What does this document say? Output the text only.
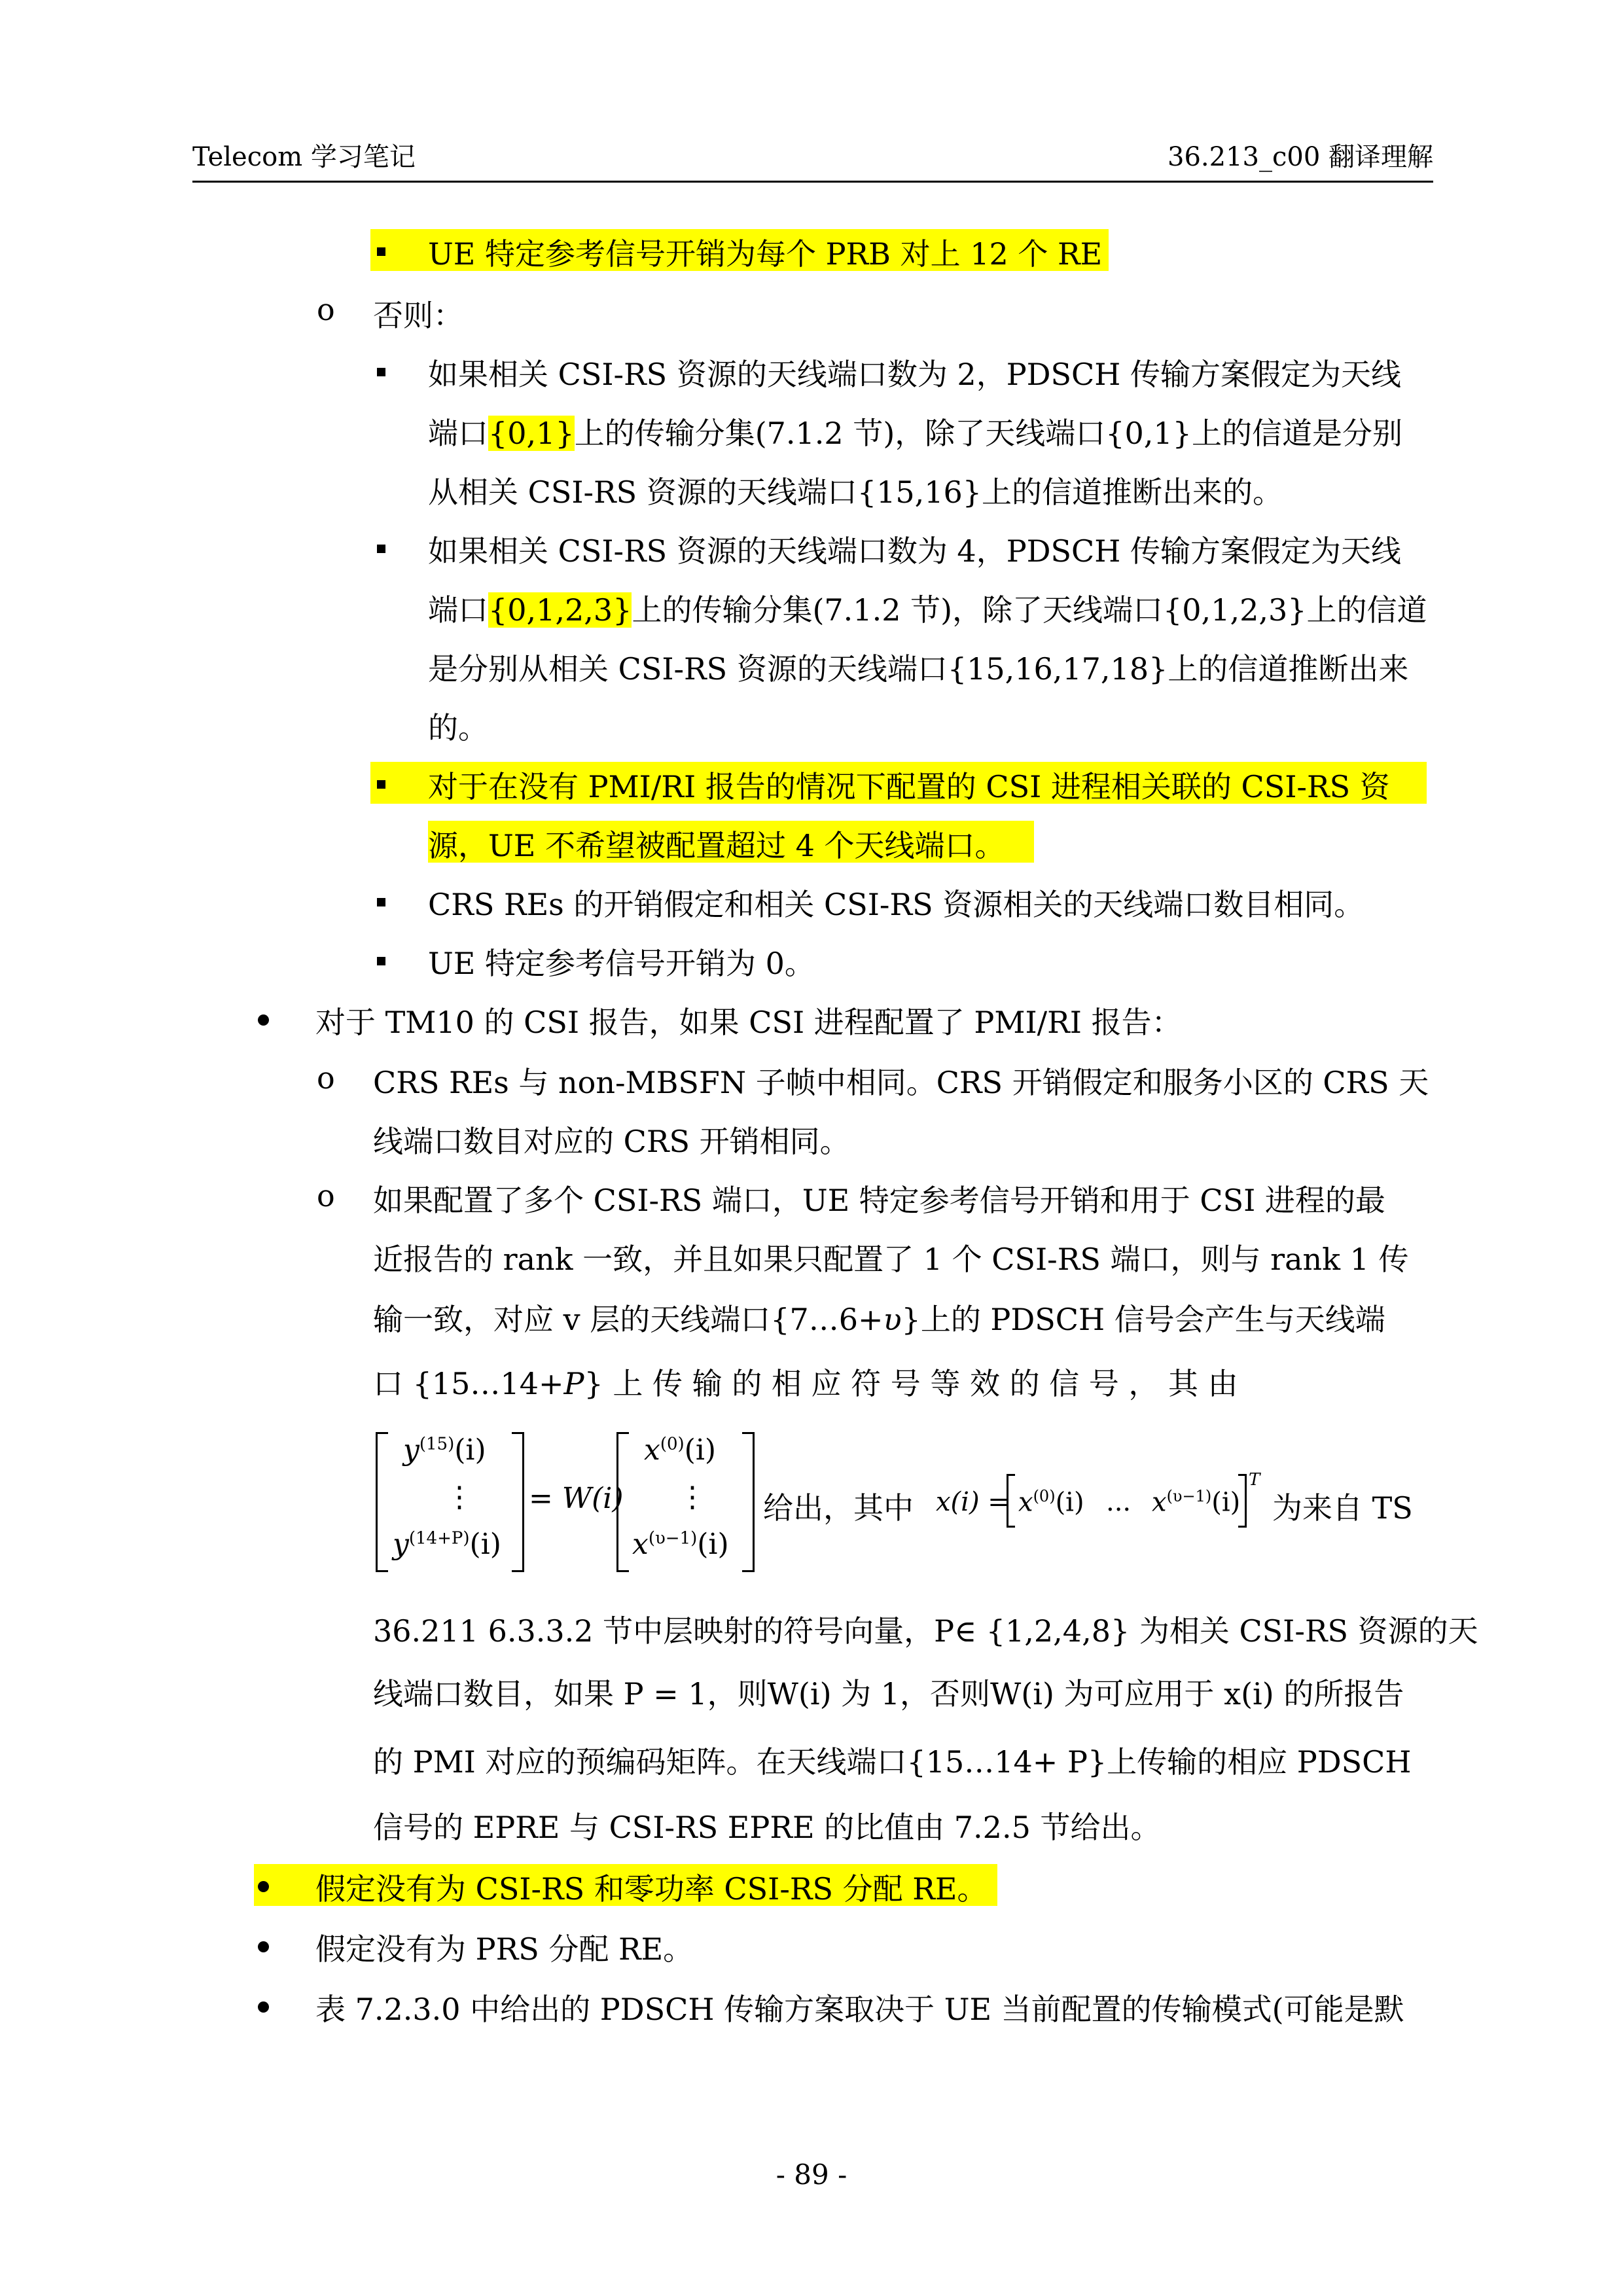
Telecom 学习笔记	36.213_c00 翻译理解
UE 特定参考信号开销为每个 PRB 对上 12 个 RE
o 否则：
如果相关 CSI-RS 资源的天线端口数为 2，PDSCH 传输方案假定为天线
端口{0,1}上的传输分集(7.1.2 节)，除了天线端口{0,1}上的信道是分别
从相关 CSI-RS 资源的天线端口{15,16}上的信道推断出来的。
如果相关 CSI-RS 资源的天线端口数为 4，PDSCH 传输方案假定为天线
端口{0,1,2,3}上的传输分集(7.1.2 节)，除了天线端口{0,1,2,3}上的信道
是分别从相关 CSI-RS 资源的天线端口{15,16,17,18}上的信道推断出来
的。
对于在没有 PMI/RI 报告的情况下配置的 CSI 进程相关联的 CSI-RS 资
源，UE 不希望被配置超过 4 个天线端口。
CRS REs 的开销假定和相关 CSI-RS 资源相关的天线端口数目相同。
UE 特定参考信号开销为 0。
对于 TM10 的 CSI 报告，如果 CSI 进程配置了 PMI/RI 报告：
o CRS REs 与 non-MBSFN 子帧中相同。CRS 开销假定和服务小区的 CRS 天
线端口数目对应的 CRS 开销相同。
o 如果配置了多个 CSI-RS 端口，UE 特定参考信号开销和用于 CSI 进程的最
近报告的 rank 一致，并且如果只配置了 1 个 CSI-RS 端口，则与 rank 1 传
输一致，对应 v 层的天线端口{7…6+υ}上的 PDSCH 信号会产生与天线端
口 {15…14+P} 上 传 输 的 相 应 符 号 等 效 的 信 号 ， 其 由
$y^{(15)}(i)$
⋮
$y^{(14+P)}(i)$
= W(i)
$x^{(0)}(i)$
⋮
$x^{(\upsilon-1)}(i)$
给出，其中 $x(i) = x^{(0)}(i)$ ... $x^{(\upsilon-1)}(i)$
T
为来自 TS
36.211 6.3.3.2 节中层映射的符号向量，P∈ {1,2,4,8} 为相关 CSI-RS 资源的天
线端口数目，如果 P = 1，则W(i) 为 1，否则W(i) 为可应用于 x(i) 的所报告
的 PMI 对应的预编码矩阵。在天线端口{15…14+ P}上传输的相应 PDSCH
信号的 EPRE 与 CSI-RS EPRE 的比值由 7.2.5 节给出。
假定没有为 CSI-RS 和零功率 CSI-RS 分配 RE。
假定没有为 PRS 分配 RE。
表 7.2.3.0 中给出的 PDSCH 传输方案取决于 UE 当前配置的传输模式(可能是默
- 89 -
